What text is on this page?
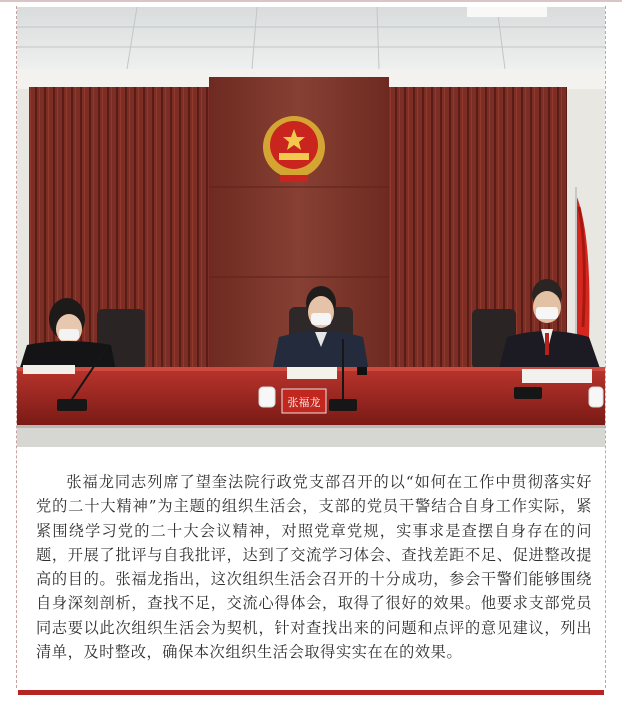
张福龙

张福龙同志列席了望奎法院行政党支部召开的以“如何在工作中贯彻落实好党的二十大精神”为主题的组织生活会，支部的党员干警结合自身工作实际，紧紧围绕学习党的二十大会议精神，对照党章党规，实事求是查摆自身存在的问题，开展了批评与自我批评，达到了交流学习体会、查找差距不足、促进整改提高的目的。张福龙指出，这次组织生活会召开的十分成功，参会干警们能够围绕自身深刻剖析，查找不足，交流心得体会，取得了很好的效果。他要求支部党员同志要以此次组织生活会为契机，针对查找出来的问题和点评的意见建议，列出清单，及时整改，确保本次组织生活会取得实实在在的效果。
